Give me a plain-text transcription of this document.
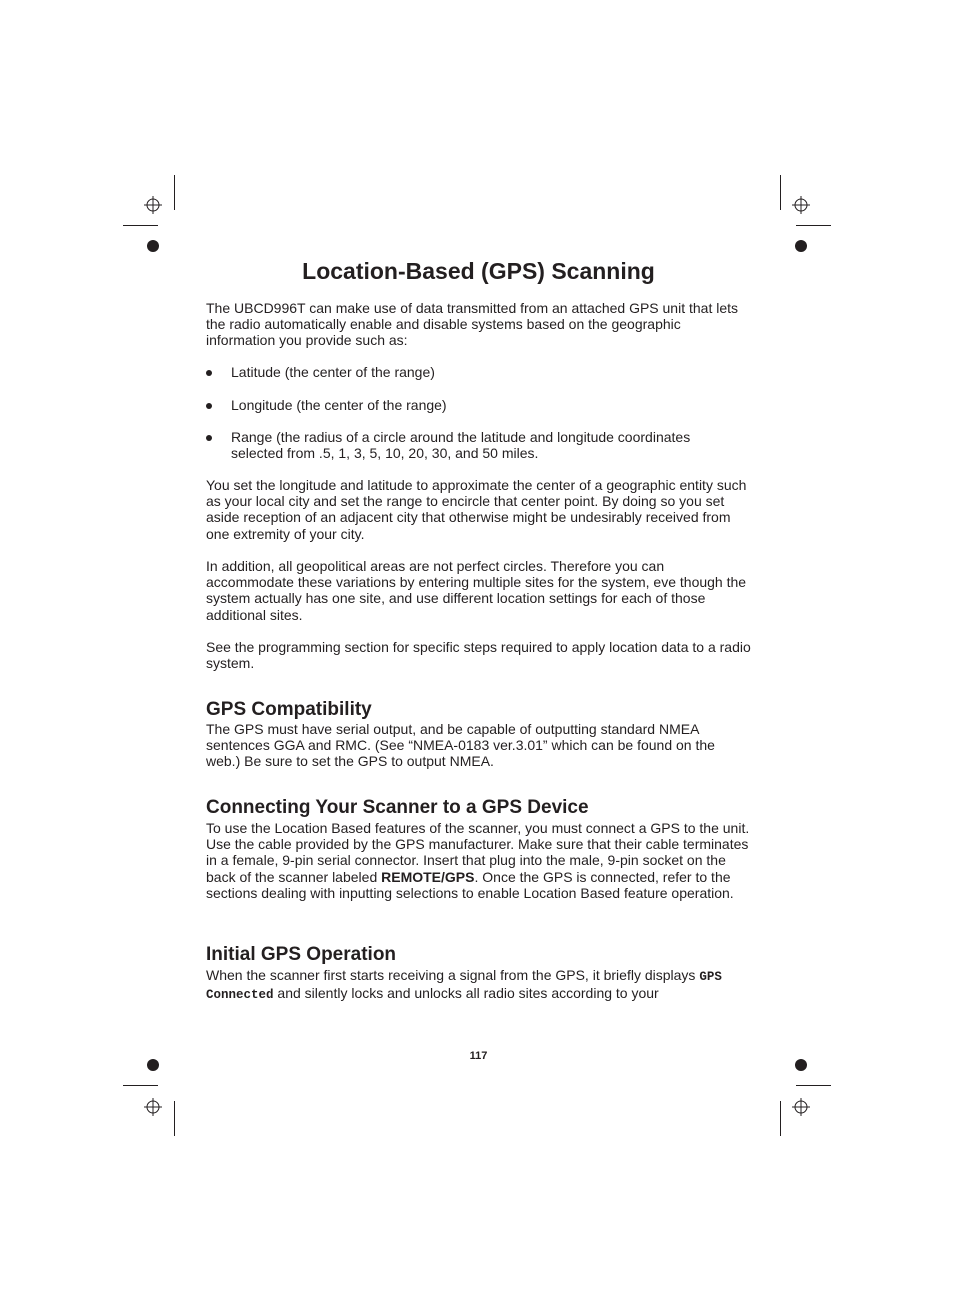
Location-Based (GPS) Scanning

The UBCD996T can make use of data transmitted from an attached GPS unit that lets the radio automatically enable and disable systems based on the geographic information you provide such as:

Latitude (the center of the range)
Longitude (the center of the range)
Range (the radius of a circle around the latitude and longitude coordinates selected from .5, 1, 3, 5, 10, 20, 30, and 50 miles.

You set the longitude and latitude to approximate the center of a geographic entity such as your local city and set the range to encircle that center point. By doing so you set aside reception of an adjacent city that otherwise might be undesirably received from one extremity of your city.

In addition, all geopolitical areas are not perfect circles. Therefore you can accommodate these variations by entering multiple sites for the system, eve though the system actually has one site, and use different location settings for each of those additional sites.

See the programming section for specific steps required to apply location data to a radio system.

GPS Compatibility

The GPS must have serial output, and be capable of outputting standard NMEA sentences GGA and RMC. (See “NMEA-0183 ver.3.01” which can be found on the web.) Be sure to set the GPS to output NMEA.

Connecting Your Scanner to a GPS Device

To use the Location Based features of the scanner, you must connect a GPS to the unit. Use the cable provided by the GPS manufacturer. Make sure that their cable terminates in a female, 9-pin serial connector. Insert that plug into the male, 9-pin socket on the back of the scanner labeled REMOTE/GPS. Once the GPS is connected, refer to the sections dealing with inputting selections to enable Location Based feature operation.

Initial GPS Operation

When the scanner first starts receiving a signal from the GPS, it briefly displays GPS Connected and silently locks and unlocks all radio sites according to your

117
